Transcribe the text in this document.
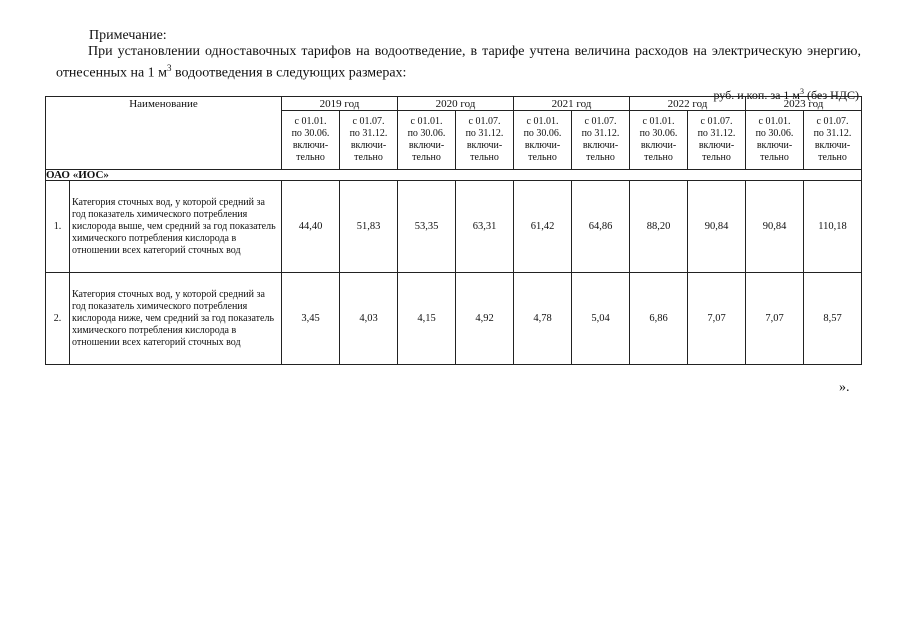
Примечание:
При установлении одноставочных тарифов на водоотведение, в тарифе учтена величина расходов на электрическую энергию, отнесенных на 1 $м^3$ водоотведения в следующих размерах:
руб. и коп. за 1 $м^3$ (без НДС)
Наименование		2019 год		2020 год		2021 год		2022 год		2023 год	

		с 01.01.
по 30.06.
включи-
тельно	с 01.07.
по 31.12.
включи-
тельно	с 01.01.
по 30.06.
включи-
тельно	с 01.07.
по 31.12.
включи-
тельно	с 01.01.
по 30.06.
включи-
тельно	с 01.07.
по 31.12.
включи-
тельно	с 01.01.
по 30.06.
включи-
тельно	с 01.07.
по 31.12.
включи-
тельно	с 01.01.
по 30.06.
включи-
тельно	с 01.07.
по 31.12.
включи-
тельно

ОАО «ИОС»											
1.	Категория сточных вод, у которой средний за год показатель химического потребления кислорода выше, чем средний за год показатель химического потребления кислорода в отношении всех категорий сточных вод	44,40	51,83	53,35	63,31	61,42	64,86	88,20	90,84	90,84	110,18
2.	Категория сточных вод, у которой средний за год показатель химического потребления кислорода ниже, чем средний за год показатель химического потребления кислорода в отношении всех категорий сточных вод	3,45	4,03	4,15	4,92	4,78	5,04	6,86	7,07	7,07	8,57
».
